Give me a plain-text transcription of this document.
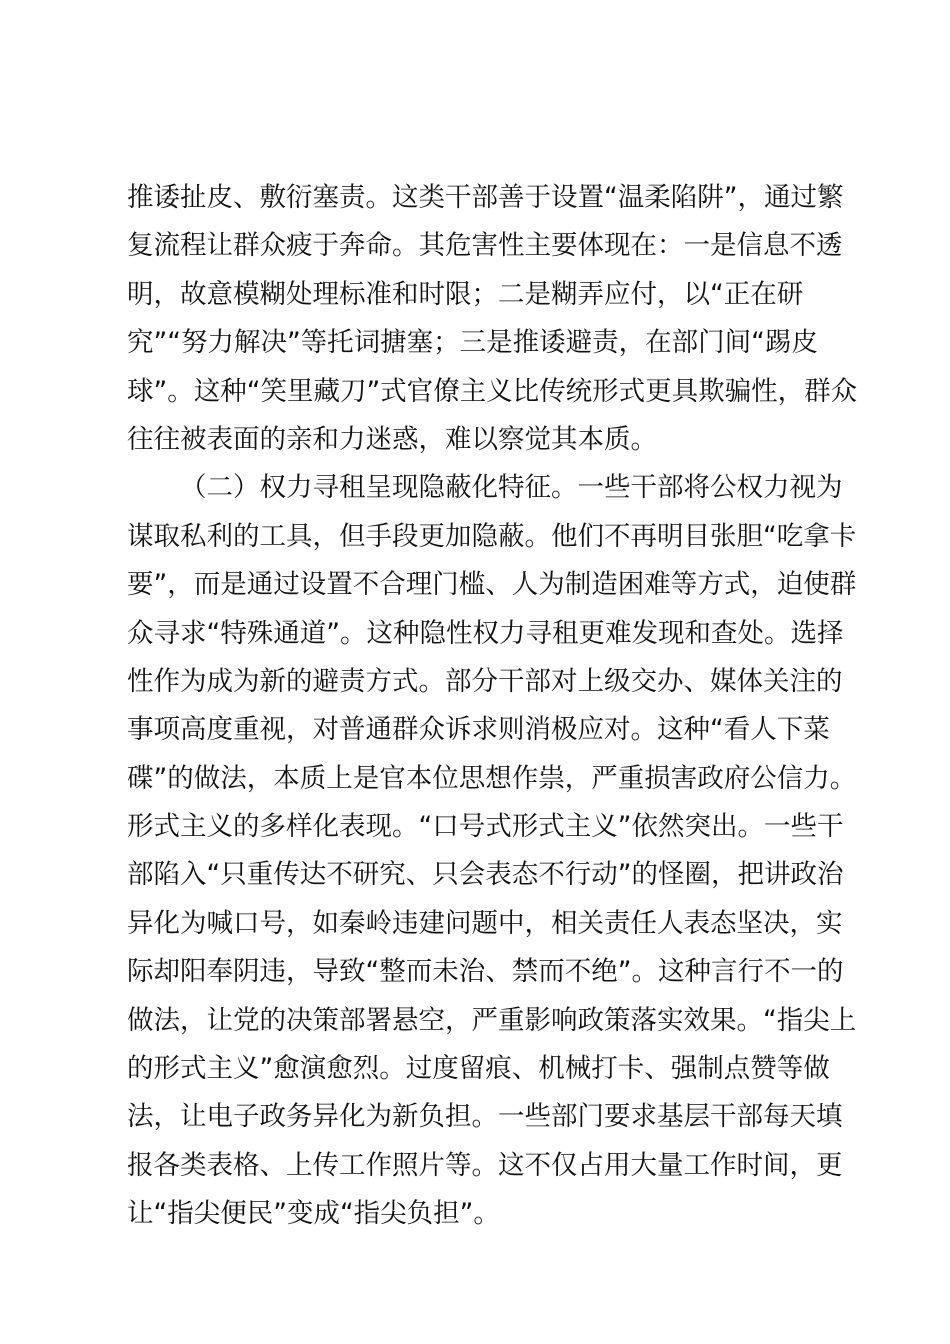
推诿扯皮、敷衍塞责。这类干部善于设置“温柔陷阱”，通过繁
复流程让群众疲于奔命。其危害性主要体现在：一是信息不透
明，故意模糊处理标准和时限；二是糊弄应付，以“正在研
究”“努力解决”等托词搪塞；三是推诿避责，在部门间“踢皮
球”。这种“笑里藏刀”式官僚主义比传统形式更具欺骗性，群众
往往被表面的亲和力迷惑，难以察觉其本质。
（二）权力寻租呈现隐蔽化特征。一些干部将公权力视为
谋取私利的工具，但手段更加隐蔽。他们不再明目张胆“吃拿卡
要”，而是通过设置不合理门槛、人为制造困难等方式，迫使群
众寻求“特殊通道”。这种隐性权力寻租更难发现和查处。选择
性作为成为新的避责方式。部分干部对上级交办、媒体关注的
事项高度重视，对普通群众诉求则消极应对。这种“看人下菜
碟”的做法，本质上是官本位思想作祟，严重损害政府公信力。
形式主义的多样化表现。“口号式形式主义”依然突出。一些干
部陷入“只重传达不研究、只会表态不行动”的怪圈，把讲政治
异化为喊口号，如秦岭违建问题中，相关责任人表态坚决，实
际却阳奉阴违，导致“整而未治、禁而不绝”。这种言行不一的
做法，让党的决策部署悬空，严重影响政策落实效果。“指尖上
的形式主义”愈演愈烈。过度留痕、机械打卡、强制点赞等做
法，让电子政务异化为新负担。一些部门要求基层干部每天填
报各类表格、上传工作照片等。这不仅占用大量工作时间，更
让“指尖便民”变成“指尖负担”。
